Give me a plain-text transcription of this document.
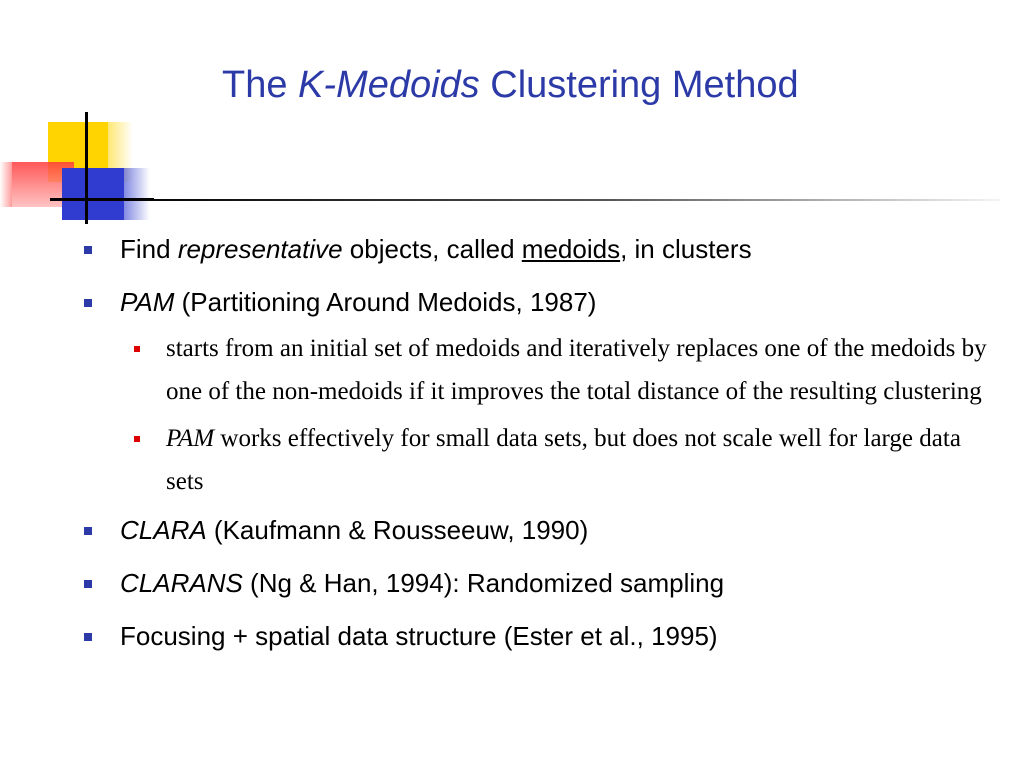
The K-Medoids Clustering Method
Find representative objects, called medoids, in clusters
PAM (Partitioning Around Medoids, 1987)
starts from an initial set of medoids and iteratively replaces one of the medoids by one of the non-medoids if it improves the total distance of the resulting clustering
PAM works effectively for small data sets, but does not scale well for large data sets
CLARA (Kaufmann & Rousseeuw, 1990)
CLARANS (Ng & Han, 1994): Randomized sampling
Focusing + spatial data structure (Ester et al., 1995)
